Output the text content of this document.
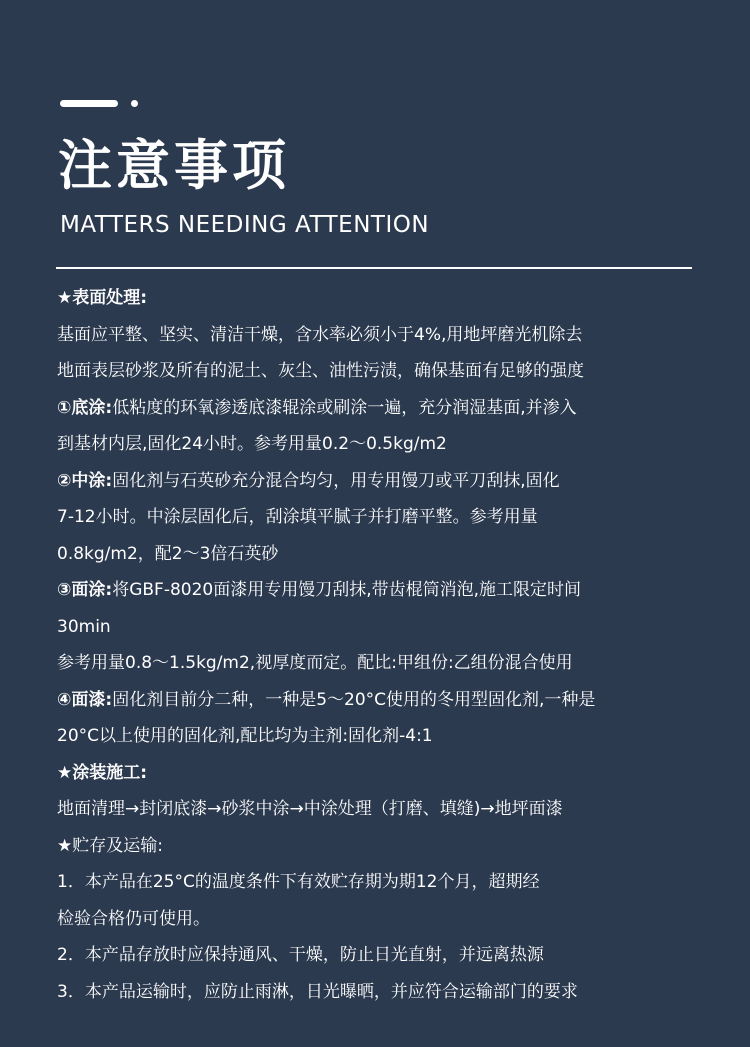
注意事项
MATTERS NEEDING ATTENTION
★表面处理:
基面应平整、坚实、清洁干燥，含水率必须小于4%,用地坪磨光机除去
地面表层砂浆及所有的泥土、灰尘、油性污渍，确保基面有足够的强度
①底涂:低粘度的环氧渗透底漆辊涂或刷涂一遍，充分润湿基面,并渗入
到基材内层,固化24小时。参考用量0.2～0.5kg/m2
②中涂:固化剂与石英砂充分混合均匀，用专用馒刀或平刀刮抹,固化
7-12小时。中涂层固化后，刮涂填平腻子并打磨平整。参考用量
0.8kg/m2，配2～3倍石英砂
③面涂:将GBF-8020面漆用专用馒刀刮抹,带齿棍筒消泡,施工限定时间
30min
参考用量0.8～1.5kg/m2,视厚度而定。配比:甲组份:乙组份混合使用
④面漆:固化剂目前分二种，一种是5～20°C使用的冬用型固化剂,一种是
20°C以上使用的固化剂,配比均为主剂:固化剂-4:1
★涂装施工:
地面清理→封闭底漆→砂浆中涂→中涂处理（打磨、填缝)→地坪面漆
★贮存及运输:
1．本产品在25°C的温度条件下有效贮存期为期12个月，超期经
检验合格仍可使用。
2．本产品存放时应保持通风、干燥，防止日光直射，并远离热源
3．本产品运输时，应防止雨淋，日光曝晒，并应符合运输部门的要求
